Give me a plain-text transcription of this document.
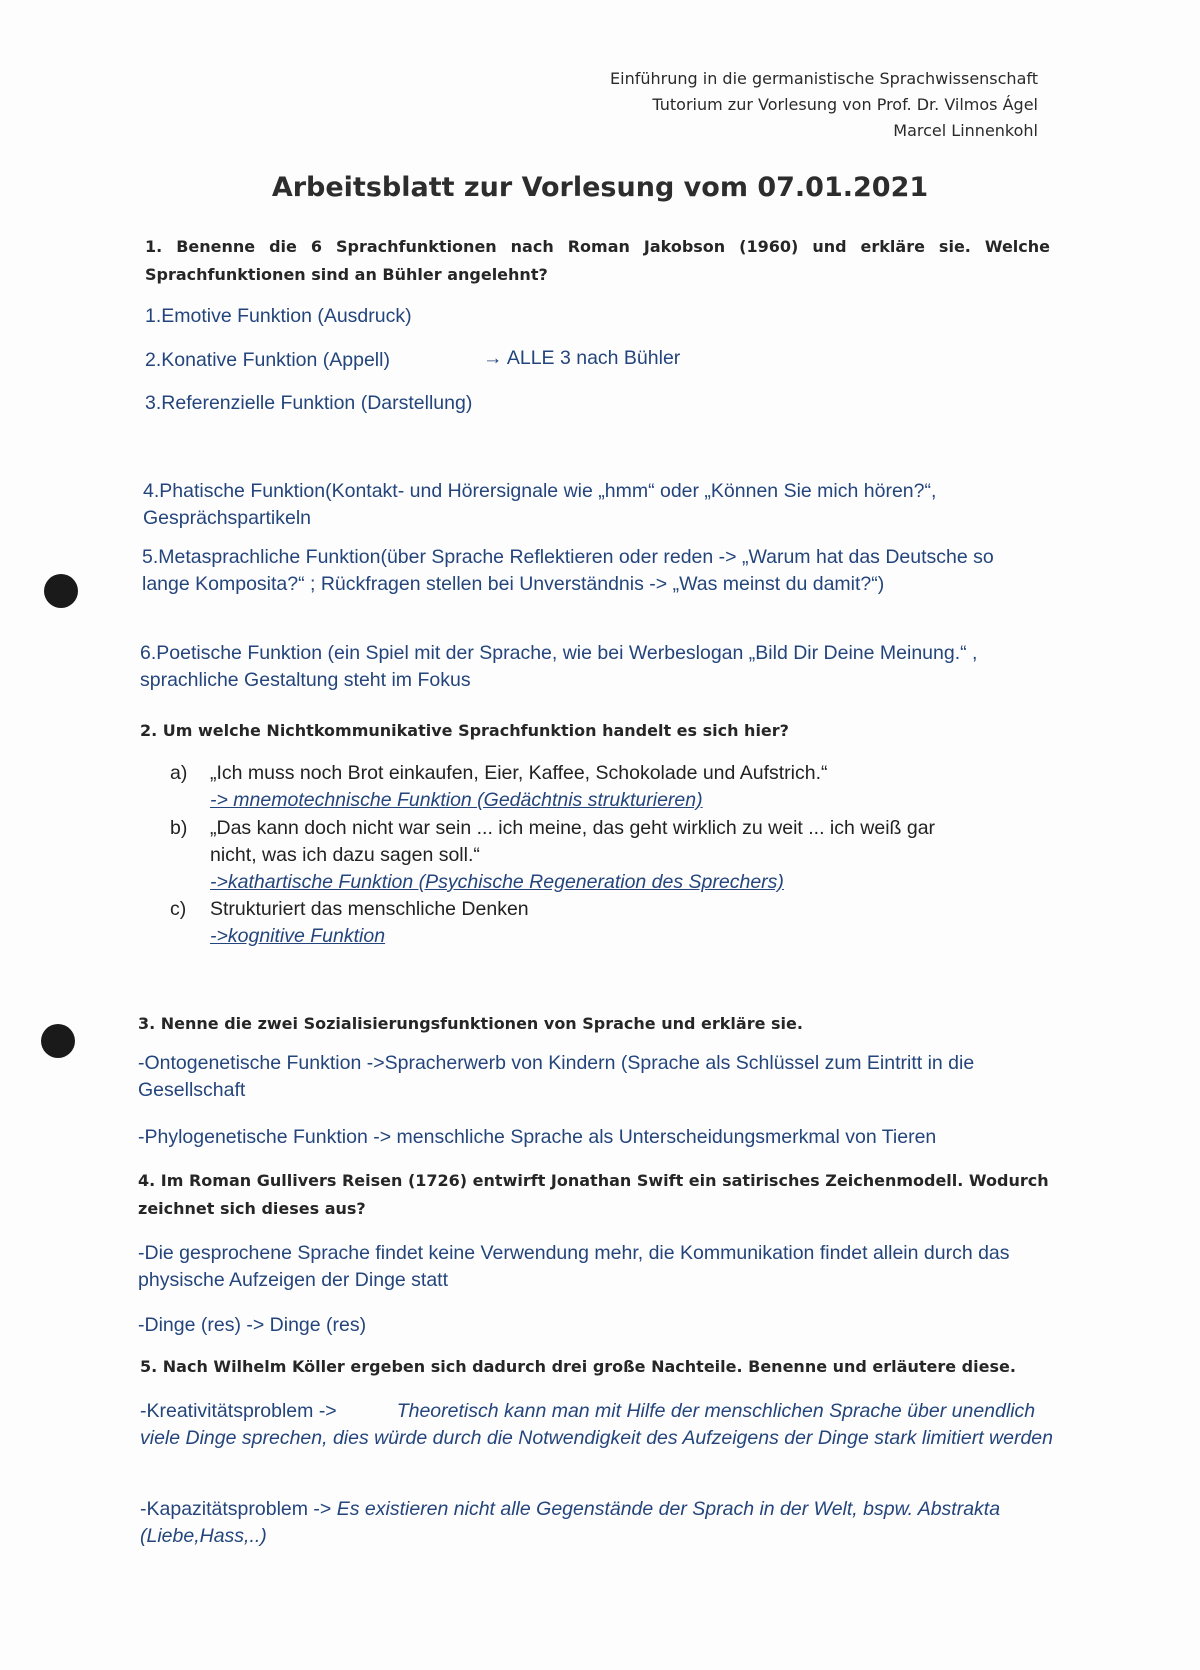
Einführung in die germanistische Sprachwissenschaft
Tutorium zur Vorlesung von Prof. Dr. Vilmos Ágel
Marcel Linnenkohl
Arbeitsblatt zur Vorlesung vom 07.01.2021

1. Benenne die 6 Sprachfunktionen nach Roman Jakobson (1960) und erkläre sie. Welche Sprachfunktionen sind an Bühler angelehnt?

1.Emotive Funktion (Ausdruck)

2.Konative Funktion (Appell)	→ ALLE 3 nach Bühler

3.Referenzielle Funktion (Darstellung)

4.Phatische Funktion(Kontakt- und Hörersignale wie „hmm“ oder „Können Sie mich hören?“, Gesprächspartikeln

5.Metasprachliche Funktion(über Sprache Reflektieren oder reden -> „Warum hat das Deutsche so lange Komposita?“ ; Rückfragen stellen bei Unverständnis -> „Was meinst du damit?“)

6.Poetische Funktion (ein Spiel mit der Sprache, wie bei Werbeslogan „Bild Dir Deine Meinung.“ , sprachliche Gestaltung steht im Fokus

2. Um welche Nichtkommunikative Sprachfunktion handelt es sich hier?

a) „Ich muss noch Brot einkaufen, Eier, Kaffee, Schokolade und Aufstrich.“
-> mnemotechnische Funktion (Gedächtnis strukturieren)
b) „Das kann doch nicht war sein ... ich meine, das geht wirklich zu weit ... ich weiß gar
nicht, was ich dazu sagen soll.“
->kathartische Funktion (Psychische Regeneration des Sprechers)
c) Strukturiert das menschliche Denken
->kognitive Funktion

3. Nenne die zwei Sozialisierungsfunktionen von Sprache und erkläre sie.

-Ontogenetische Funktion ->Spracherwerb von Kindern (Sprache als Schlüssel zum Eintritt in die Gesellschaft

-Phylogenetische Funktion -> menschliche Sprache als Unterscheidungsmerkmal von Tieren

4. Im Roman Gullivers Reisen (1726) entwirft Jonathan Swift ein satirisches Zeichenmodell. Wodurch zeichnet sich dieses aus?

-Die gesprochene Sprache findet keine Verwendung mehr, die Kommunikation findet allein durch das physische Aufzeigen der Dinge statt

-Dinge (res) -> Dinge (res)

5. Nach Wilhelm Köller ergeben sich dadurch drei große Nachteile. Benenne und erläutere diese.

-Kreativitätsproblem ->	Theoretisch kann man mit Hilfe der menschlichen Sprache über unendlich viele Dinge sprechen, dies würde durch die Notwendigkeit des Aufzeigens der Dinge stark limitiert werden

-Kapazitätsproblem -> Es existieren nicht alle Gegenstände der Sprach in der Welt, bspw. Abstrakta (Liebe,Hass,..)
